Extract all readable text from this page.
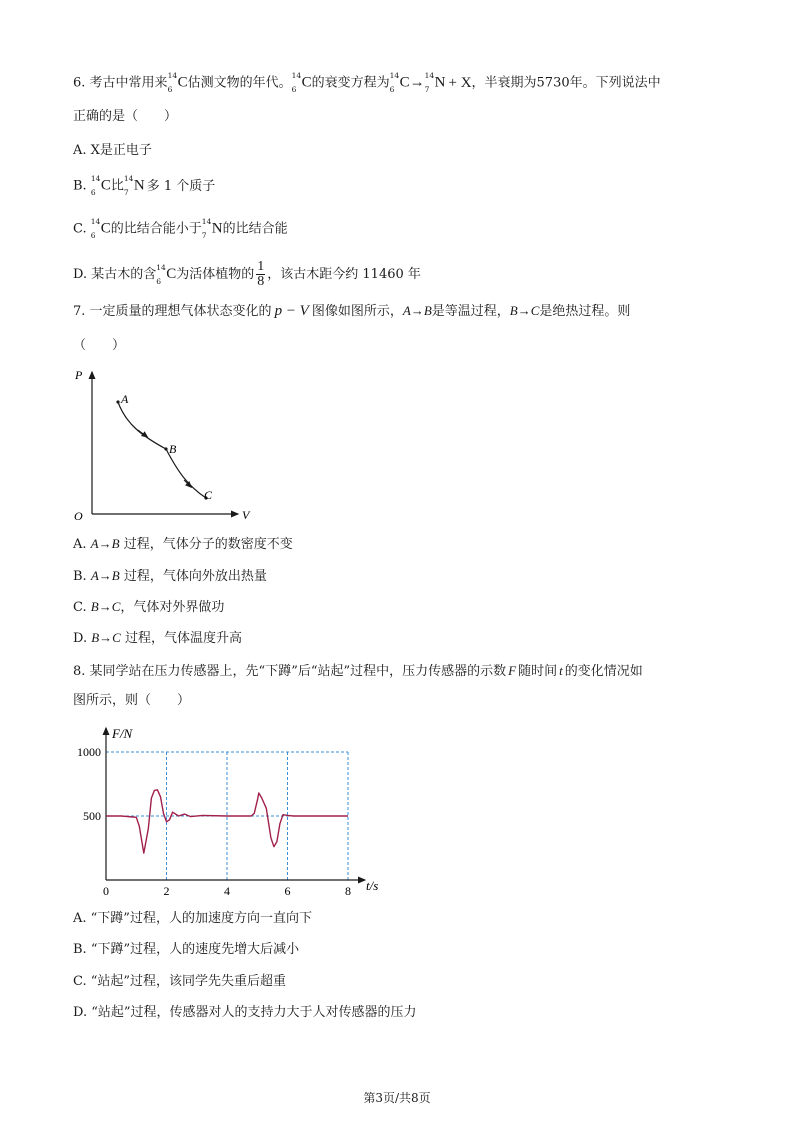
6. 考古中常用来 14
6 C估测文物的年代。 14
6 C的衰变方程为 14
6 C→ 14
7 N + X，半衰期为5730年。下列说法中
正确的是（　　）
A. X是正电子
B. 14
6 C比 14
7 N 多 1 个质子
C. 14
6 C的比结合能小于 14
7 N的比结合能
D. 某古木的含 14
6 C为活体植物的 $\frac{1}{8}$ ，该古木距今约 11460 年
7. 一定质量的理想气体状态变化的 p − V 图像如图所示，A→B是等温过程，B→C是绝热过程。则
（　　）
P
V
O
A
B
C
A. A→B 过程，气体分子的数密度不变
B. A→B 过程，气体向外放出热量
C. B→C，气体对外界做功
D. B→C 过程，气体温度升高
8. 某同学站在压力传感器上，先“下蹲”后“站起”过程中，压力传感器的示数 F 随时间 t 的变化情况如
图所示，则（　　）
0	2	4	6	8
500
1000
F/N
t/s
A. “下蹲”过程，人的加速度方向一直向下
B. “下蹲”过程，人的速度先增大后减小
C. “站起”过程，该同学先失重后超重
D. “站起”过程，传感器对人的支持力大于人对传感器的压力
第3页/共8页
